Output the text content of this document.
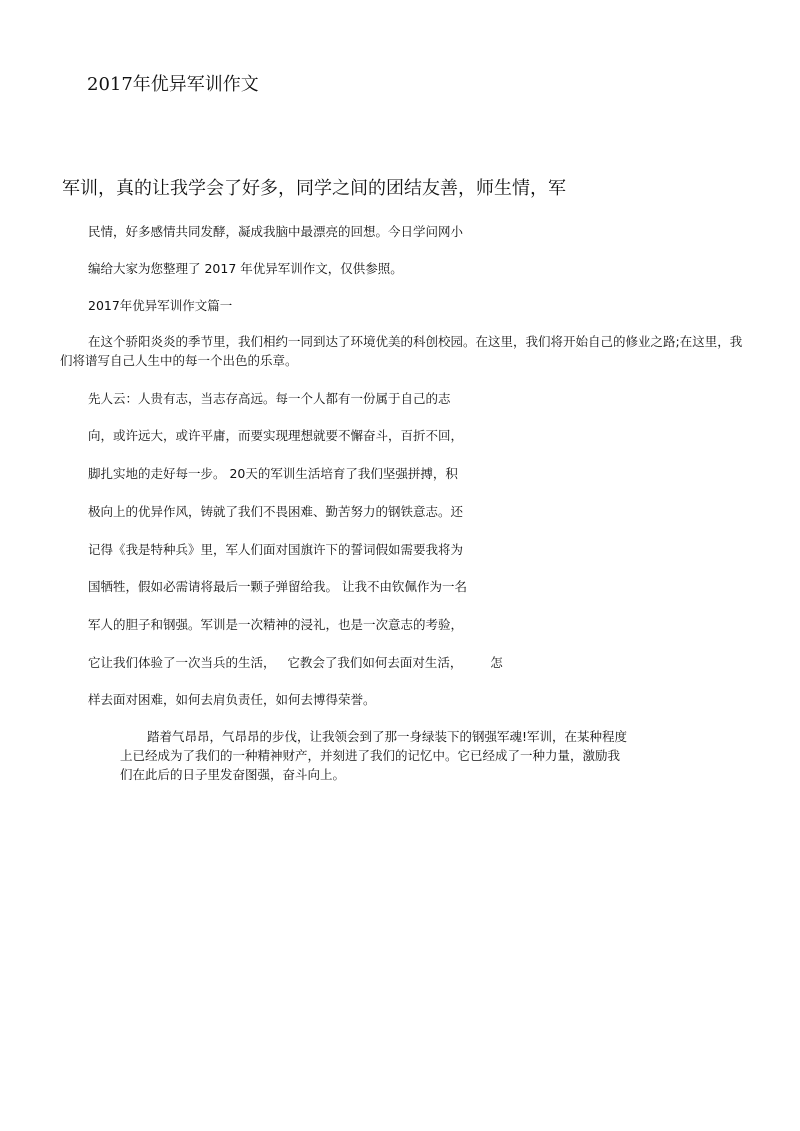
2017年优异军训作文
军训，真的让我学会了好多，同学之间的团结友善，师生情，军
民情，好多感情共同发酵，凝成我脑中最漂亮的回想。今日学问网小
编给大家为您整理了 2017 年优异军训作文，仅供参照。
2017年优异军训作文篇一

在这个骄阳炎炎的季节里，我们相约一同到达了环境优美的科创校园。在这里，我们将开始自己的修业之路;在这里，我们将谱写自己人生中的每一个出色的乐章。

先人云：人贵有志，当志存高远。每一个人都有一份属于自己的志
向，或许远大，或许平庸，而要实现理想就要不懈奋斗，百折不回，
脚扎实地的走好每一步。 20天的军训生活培育了我们坚强拼搏，积
极向上的优异作风，铸就了我们不畏困难、勤苦努力的钢铁意志。还
记得《我是特种兵》里，军人们面对国旗许下的誓词假如需要我将为
国牺牲，假如必需请将最后一颗子弹留给我。 让我不由钦佩作为一名
军人的胆子和钢强。军训是一次精神的浸礼，也是一次意志的考验，
它让我们体验了一次当兵的生活，   它教会了我们如何去面对生活，       怎
样去面对困难，如何去肩负责任，如何去博得荣誉。
踏着气昂昂，气昂昂的步伐，让我领会到了那一身绿装下的钢强军魂!军训，在某种程度
上已经成为了我们的一种精神财产，并刻进了我们的记忆中。它已经成了一种力量，激励我
们在此后的日子里发奋图强，奋斗向上。
